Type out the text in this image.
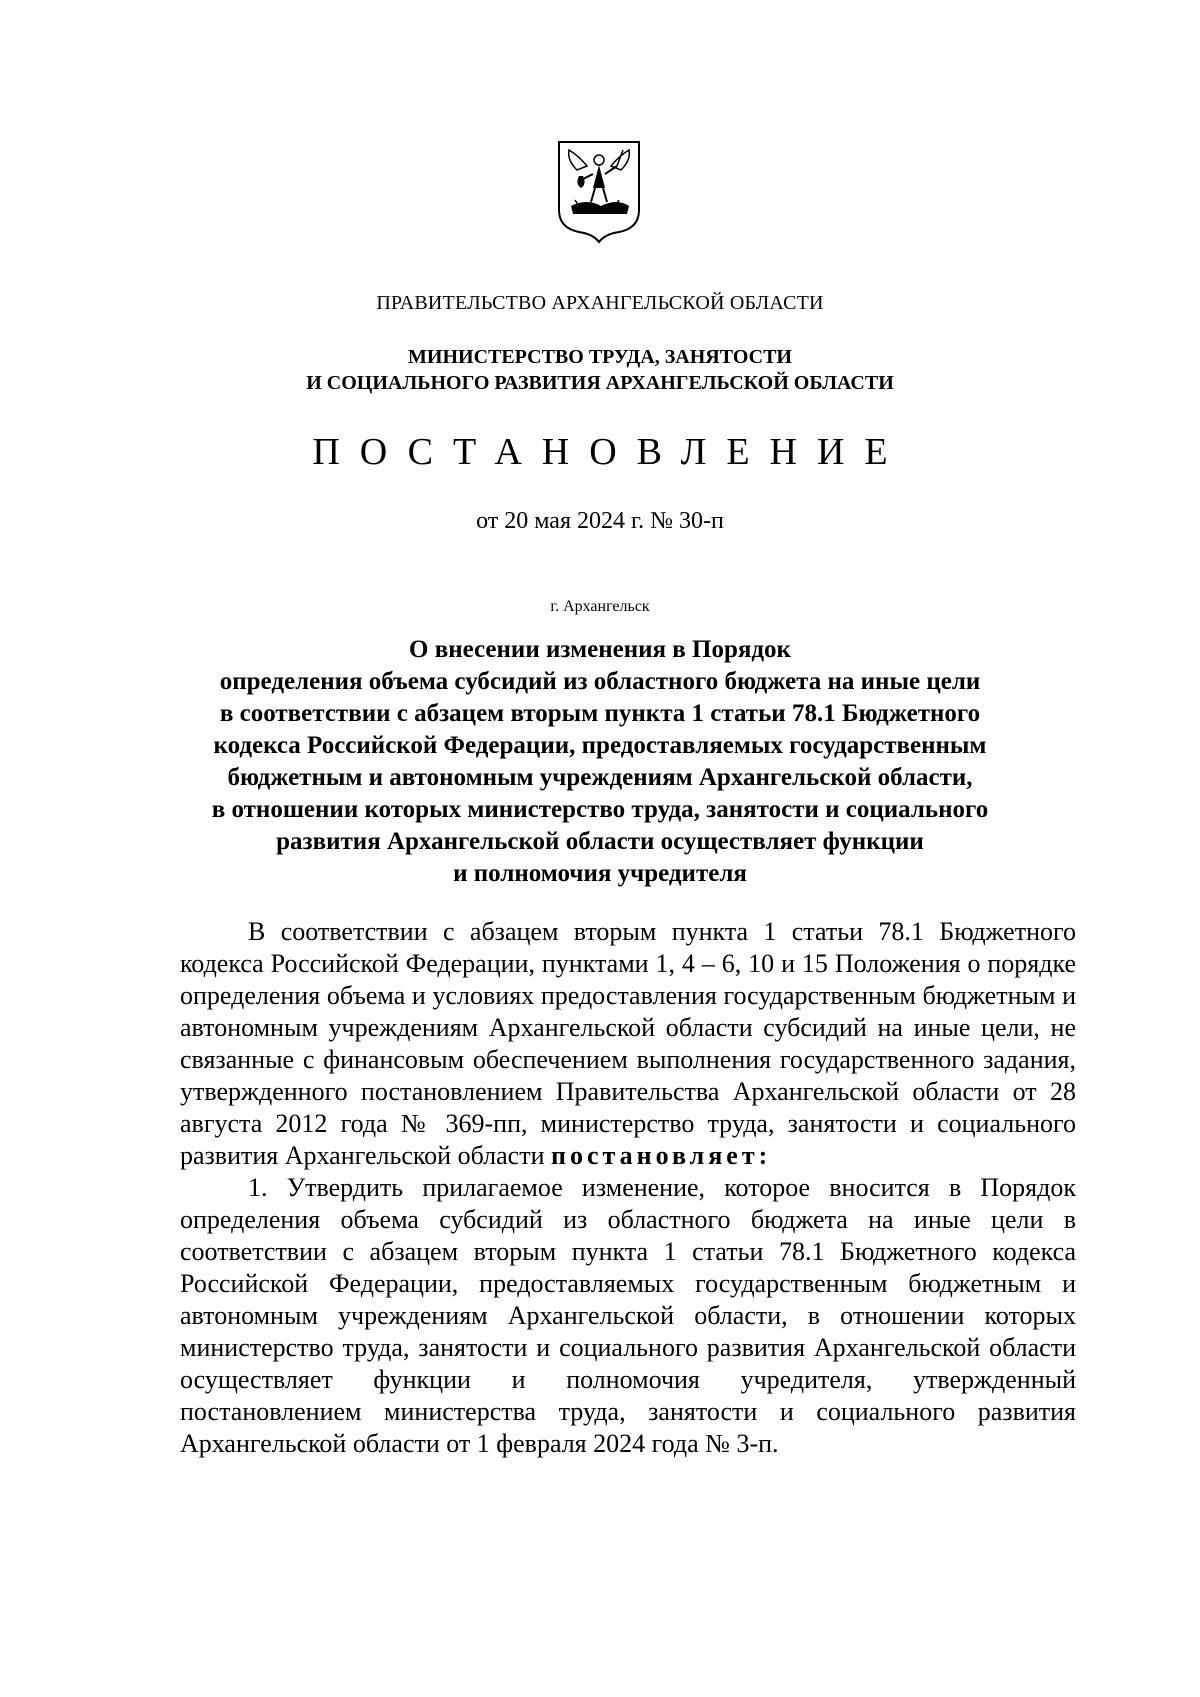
ПРАВИТЕЛЬСТВО АРХАНГЕЛЬСКОЙ ОБЛАСТИ
МИНИСТЕРСТВО ТРУДА, ЗАНЯТОСТИ
И СОЦИАЛЬНОГО РАЗВИТИЯ АРХАНГЕЛЬСКОЙ ОБЛАСТИ
ПОСТАНОВЛЕНИЕ
от 20 мая 2024 г. № 30-п
г. Архангельск
О внесении изменения в Порядок
определения объема субсидий из областного бюджета на иные цели
в соответствии с абзацем вторым пункта 1 статьи 78.1 Бюджетного
кодекса Российской Федерации, предоставляемых государственным
бюджетным и автономным учреждениям Архангельской области,
в отношении которых министерство труда, занятости и социального
развития Архангельской области осуществляет функции
и полномочия учредителя

В соответствии с абзацем вторым пункта 1 статьи 78.1 Бюджетного кодекса Российской Федерации, пунктами 1, 4 – 6, 10 и 15 Положения о порядке определения объема и условиях предоставления государственным бюджетным и автономным учреждениям Архангельской области субсидий на иные цели, не связанные с финансовым обеспечением выполнения государственного задания, утвержденного постановлением Правительства Архангельской области от 28 августа 2012 года № 369-пп, министерство труда, занятости и социального развития Архангельской области постановляет:

1. Утвердить прилагаемое изменение, которое вносится в Порядок определения объема субсидий из областного бюджета на иные цели в соответствии с абзацем вторым пункта 1 статьи 78.1 Бюджетного кодекса Российской Федерации, предоставляемых государственным бюджетным и автономным учреждениям Архангельской области, в отношении которых министерство труда, занятости и социального развития Архангельской области осуществляет функции и полномочия учредителя, утвержденный постановлением министерства труда, занятости и социального развития Архангельской области от 1 февраля 2024 года № 3-п.
